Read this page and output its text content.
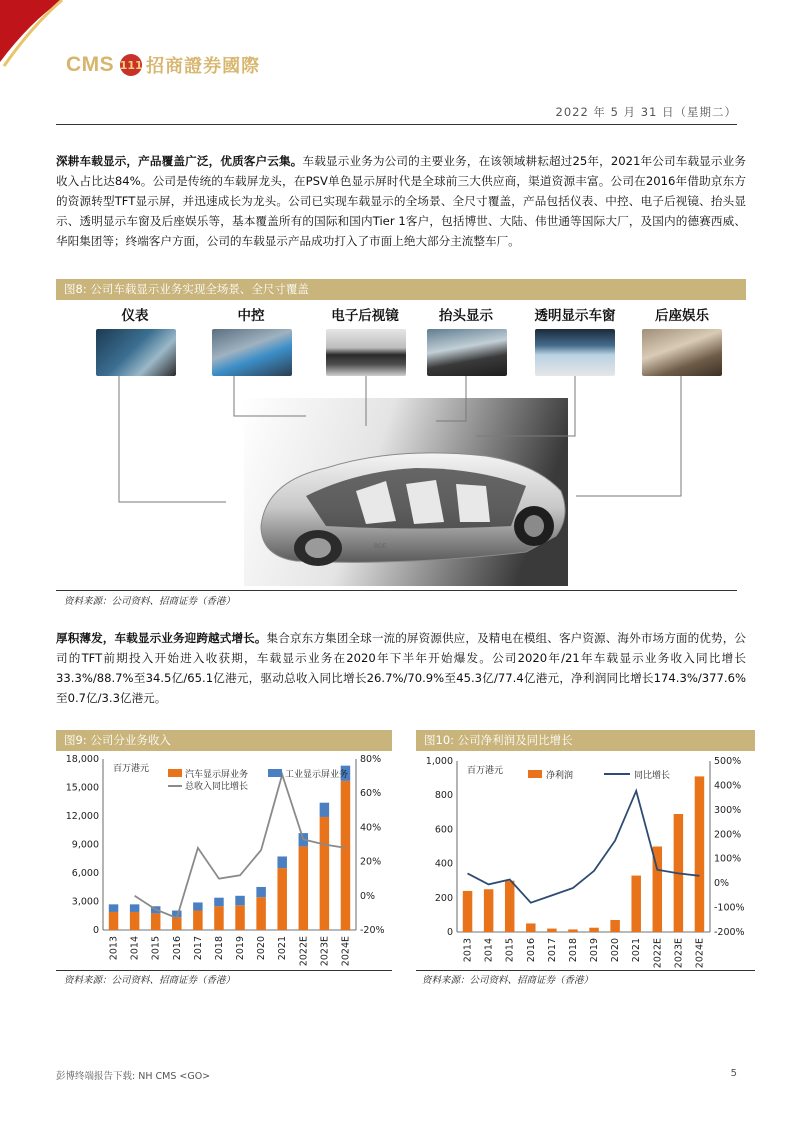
CMS 111 招商證券國際
2022 年 5 月 31 日（星期二）
深耕车载显示，产品覆盖广泛，优质客户云集。车载显示业务为公司的主要业务，在该领域耕耘超过25年，2021年公司车载显示业务收入占比达84%。公司是传统的车载屏龙头，在PSV单色显示屏时代是全球前三大供应商，渠道资源丰富。公司在2016年借助京东方的资源转型TFT显示屏，并迅速成长为龙头。公司已实现车载显示的全场景、全尺寸覆盖，产品包括仪表、中控、电子后视镜、抬头显示、透明显示车窗及后座娱乐等，基本覆盖所有的国际和国内Tier 1客户，包括博世、大陆、伟世通等国际大厂，及国内的德赛西威、华阳集团等；终端客户方面，公司的车载显示产品成功打入了市面上绝大部分主流整车厂。
图8: 公司车载显示业务实现全场景、全尺寸覆盖
仪表	中控	电子后视镜	抬头显示	透明显示车窗	后座娱乐
BOE
资料来源：公司资料、招商证券（香港）
厚积薄发，车载显示业务迎跨越式增长。集合京东方集团全球一流的屏资源供应，及精电在模组、客户资源、海外市场方面的优势，公司的TFT前期投入开始进入收获期，车载显示业务在2020年下半年开始爆发。公司2020年/21年车载显示业务收入同比增长33.3%/88.7%至34.5亿/65.1亿港元，驱动总收入同比增长26.7%/70.9%至45.3亿/77.4亿港元，净利润同比增长174.3%/377.6%至0.7亿/3.3亿港元。
图9: 公司分业务收入
0
3,000
6,000
9,000
12,000
15,000
18,000
-20%
0%
20%
40%
60%
80%
百万港元
2013 2014 2015 2016 2017 2018 2019 2020 2021 2022E 2023E 2024E
汽车显示屏业务	工业显示屏业务
总收入同比增长
资料来源：公司资料、招商证券（香港）
图10: 公司净利润及同比增长
0
200
400
600
800
1,000
-200%
-100%
0%
100%
200%
300%
400%
500%
百万港元
2013 2014 2015 2016 2017 2018 2019 2020 2021 2022E 2023E 2024E
净利润	同比增长
资料来源：公司资料、招商证券（香港）
彭博终端报告下载: NH CMS <GO>	5
